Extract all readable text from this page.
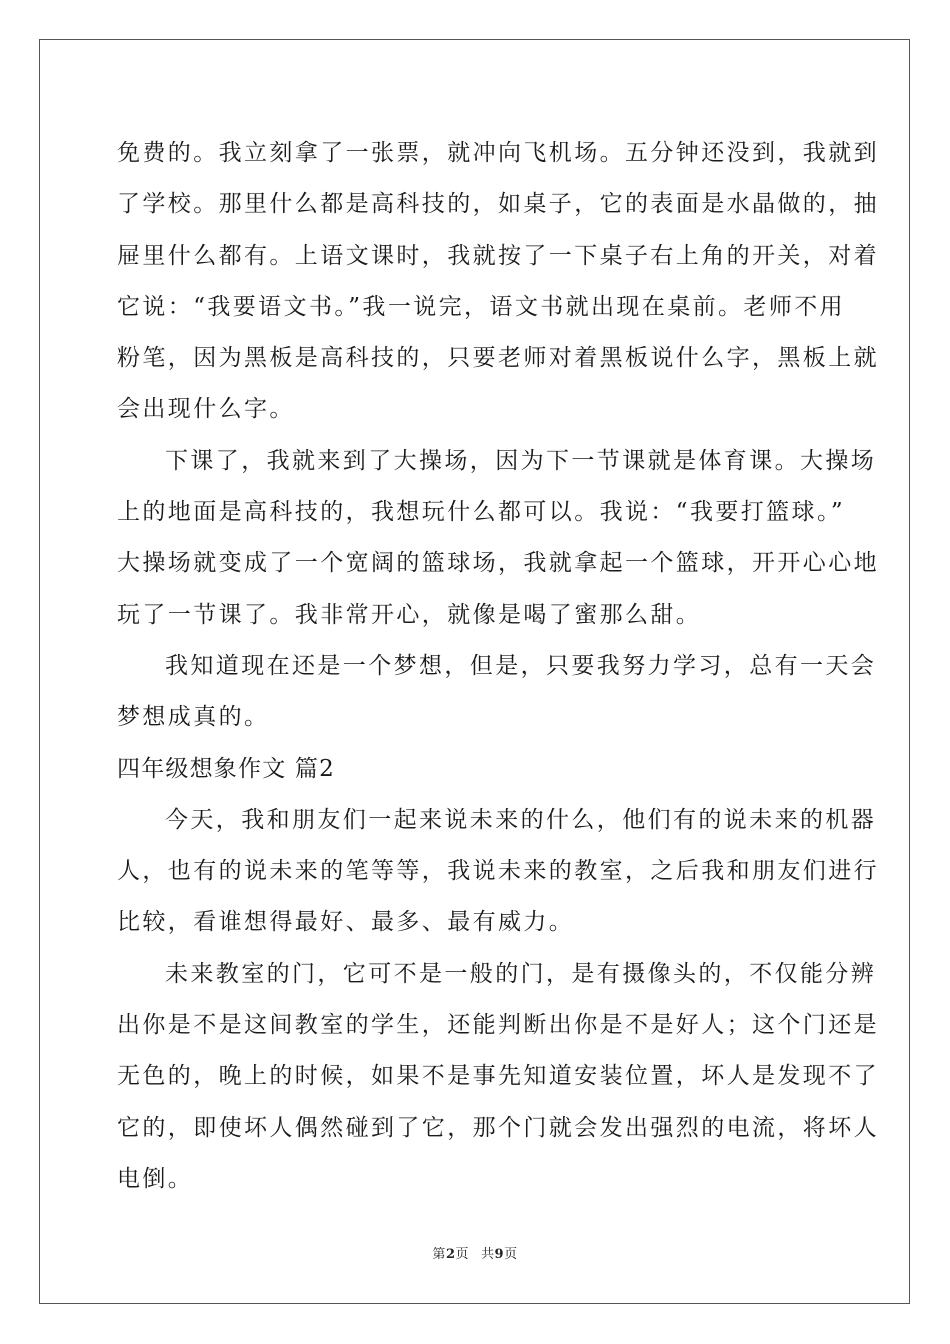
免费的。我立刻拿了一张票，就冲向飞机场。五分钟还没到，我就到
了学校。那里什么都是高科技的，如桌子，它的表面是水晶做的，抽
屉里什么都有。上语文课时，我就按了一下桌子右上角的开关，对着
它说：“我要语文书。”我一说完，语文书就出现在桌前。老师不用
粉笔，因为黑板是高科技的，只要老师对着黑板说什么字，黑板上就
会出现什么字。
下课了，我就来到了大操场，因为下一节课就是体育课。大操场
上的地面是高科技的，我想玩什么都可以。我说：“我要打篮球。”
大操场就变成了一个宽阔的篮球场，我就拿起一个篮球，开开心心地
玩了一节课了。我非常开心，就像是喝了蜜那么甜。
我知道现在还是一个梦想，但是，只要我努力学习，总有一天会
梦想成真的。
四年级想象作文 篇2
今天，我和朋友们一起来说未来的什么，他们有的说未来的机器
人，也有的说未来的笔等等，我说未来的教室，之后我和朋友们进行
比较，看谁想得最好、最多、最有威力。
未来教室的门，它可不是一般的门，是有摄像头的，不仅能分辨
出你是不是这间教室的学生，还能判断出你是不是好人；这个门还是
无色的，晚上的时候，如果不是事先知道安装位置，坏人是发现不了
它的，即使坏人偶然碰到了它，那个门就会发出强烈的电流，将坏人
电倒。
第2页 共9页
